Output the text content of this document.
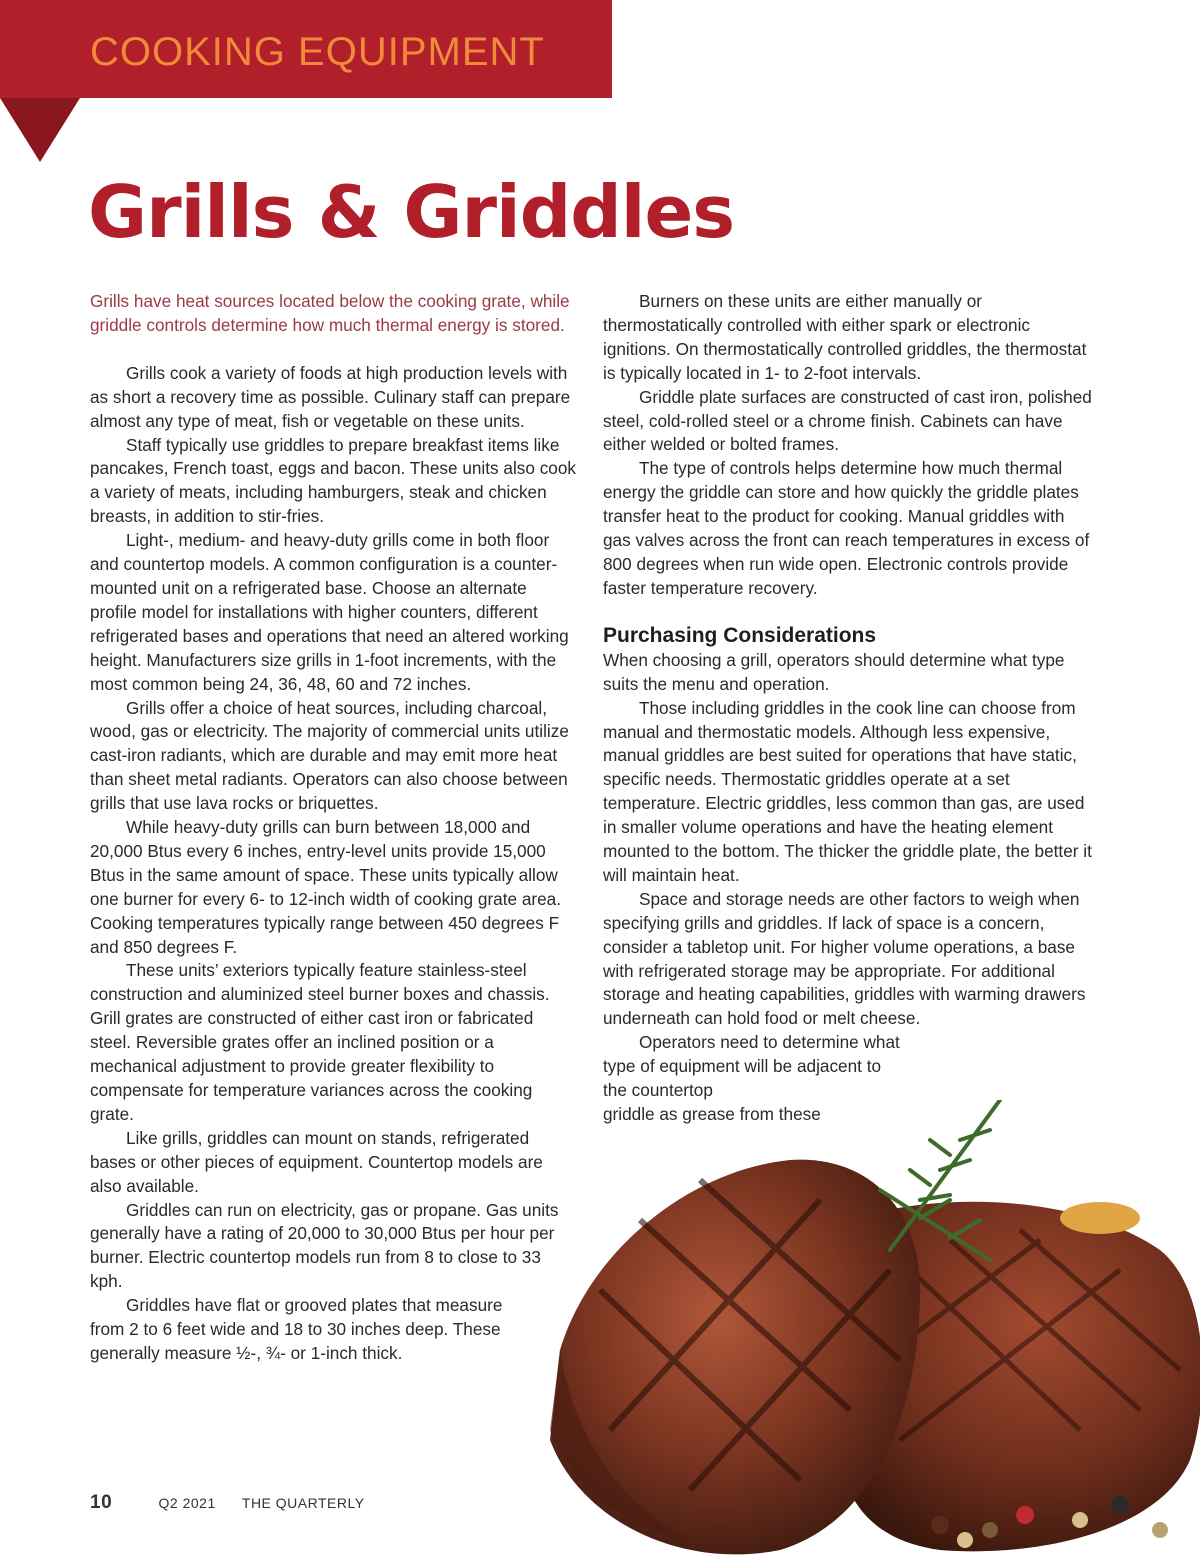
COOKING EQUIPMENT
Grills & Griddles

Grills have heat sources located below the cooking grate, while griddle controls determine how much thermal energy is stored.

Grills cook a variety of foods at high production levels with as short a recovery time as possible. Culinary staff can prepare almost any type of meat, fish or vegetable on these units.

Staff typically use griddles to prepare breakfast items like pancakes, French toast, eggs and bacon. These units also cook a variety of meats, including hamburgers, steak and chicken breasts, in addition to stir-fries.

Light-, medium- and heavy-duty grills come in both floor and countertop models. A common configuration is a counter-mounted unit on a refrigerated base. Choose an alternate profile model for installations with higher counters, different refrigerated bases and operations that need an altered working height. Manufacturers size grills in 1-foot increments, with the most common being 24, 36, 48, 60 and 72 inches.

Grills offer a choice of heat sources, including charcoal, wood, gas or electricity. The majority of commercial units utilize cast-iron radiants, which are durable and may emit more heat than sheet metal radiants. Operators can also choose between grills that use lava rocks or briquettes.

While heavy-duty grills can burn between 18,000 and 20,000 Btus every 6 inches, entry-level units provide 15,000 Btus in the same amount of space. These units typically allow one burner for every 6- to 12-inch width of cooking grate area. Cooking temperatures typically range between 450 degrees F and 850 degrees F.

These units’ exteriors typically feature stainless-steel construction and aluminized steel burner boxes and chassis. Grill grates are constructed of either cast iron or fabricated steel. Reversible grates offer an inclined position or a mechanical adjustment to provide greater flexibility to compensate for temperature variances across the cooking grate.

Like grills, griddles can mount on stands, refrigerated bases or other pieces of equipment. Countertop models are also available.

Griddles can run on electricity, gas or propane. Gas units generally have a rating of 20,000 to 30,000 Btus per hour per burner. Electric countertop models run from 8 to close to 33 kph.

Griddles have flat or grooved plates that measure from 2 to 6 feet wide and 18 to 30 inches deep. These generally measure ½-, ¾- or 1-inch thick.

Burners on these units are either manually or thermostatically controlled with either spark or electronic ignitions. On thermostatically controlled griddles, the thermostat is typically located in 1- to 2-foot intervals.

Griddle plate surfaces are constructed of cast iron, polished steel, cold-rolled steel or a chrome finish. Cabinets can have either welded or bolted frames.

The type of controls helps determine how much thermal energy the griddle can store and how quickly the griddle plates transfer heat to the product for cooking. Manual griddles with gas valves across the front can reach temperatures in excess of 800 degrees when run wide open. Electronic controls provide faster temperature recovery.

Purchasing Considerations

When choosing a grill, operators should determine what type suits the menu and operation.

Those including griddles in the cook line can choose from manual and thermostatic models. Although less expensive, manual griddles are best suited for operations that have static, specific needs. Thermostatic griddles operate at a set temperature. Electric griddles, less common than gas, are used in smaller volume operations and have the heating element mounted to the bottom. The thicker the griddle plate, the better it will maintain heat.

Space and storage needs are other factors to weigh when specifying grills and griddles. If lack of space is a concern, consider a tabletop unit. For higher volume operations, a base with refrigerated storage may be appropriate. For additional storage and heating capabilities, griddles with warming drawers underneath can hold food or melt cheese.

Operators need to determine what type of equipment will be adjacent to the countertop

griddle as grease from these

10	Q2 2021 THE QUARTERLY
